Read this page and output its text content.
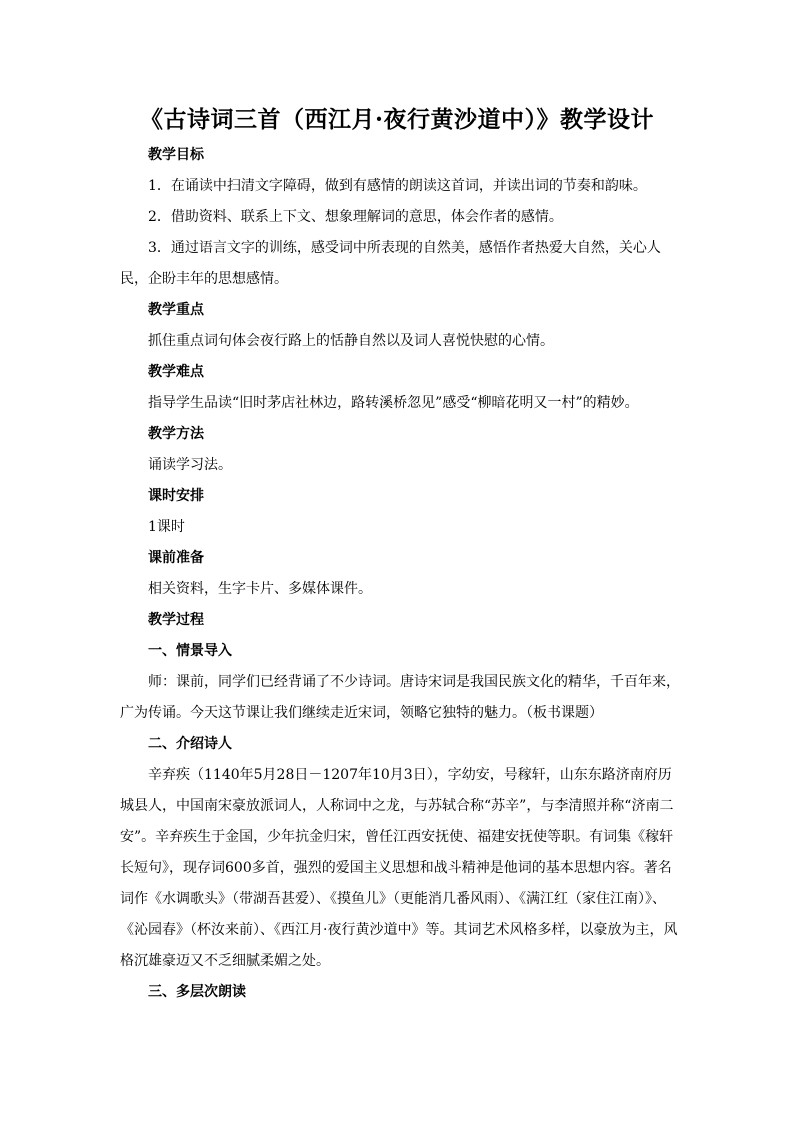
《古诗词三首（西江月·夜行黄沙道中）》教学设计

教学目标

1．在诵读中扫清文字障碍，做到有感情的朗读这首词，并读出词的节奏和韵味。

2．借助资料、联系上下文、想象理解词的意思，体会作者的感情。

3．通过语言文字的训练，感受词中所表现的自然美，感悟作者热爱大自然，关心人民，企盼丰年的思想感情。

教学重点

抓住重点词句体会夜行路上的恬静自然以及词人喜悦快慰的心情。

教学难点

指导学生品读“旧时茅店社林边，路转溪桥忽见”感受“柳暗花明又一村”的精妙。

教学方法

诵读学习法。

课时安排

1课时

课前准备

相关资料，生字卡片、多媒体课件。

教学过程

一、情景导入

师：课前，同学们已经背诵了不少诗词。唐诗宋词是我国民族文化的精华，千百年来，广为传诵。今天这节课让我们继续走近宋词，领略它独特的魅力。（板书课题）

二、介绍诗人

辛弃疾（1140年5月28日－1207年10月3日），字幼安，号稼轩，山东东路济南府历城县人，中国南宋豪放派词人，人称词中之龙，与苏轼合称“苏辛”，与李清照并称“济南二安”。辛弃疾生于金国，少年抗金归宋，曾任江西安抚使、福建安抚使等职。有词集《稼轩长短句》，现存词600多首，强烈的爱国主义思想和战斗精神是他词的基本思想内容。著名词作《水调歌头》（带湖吾甚爱）、《摸鱼儿》（更能消几番风雨）、《满江红（家住江南）》、《沁园春》（杯汝来前）、《西江月·夜行黄沙道中》等。其词艺术风格多样，以豪放为主，风格沉雄豪迈又不乏细腻柔媚之处。

三、多层次朗读
